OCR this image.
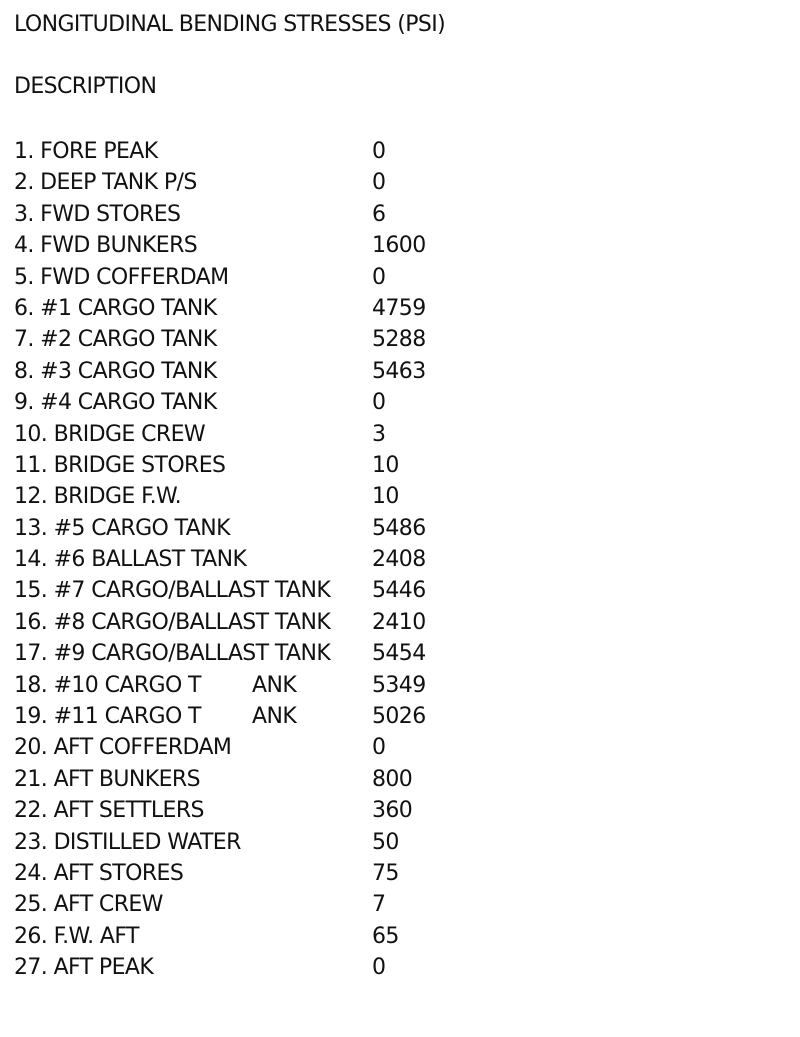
LONGITUDINAL BENDING STRESSES (PSI)
DESCRIPTION
1. FORE PEAK	0
2. DEEP TANK P/S	0
3. FWD STORES	6
4. FWD BUNKERS	1600
5. FWD COFFERDAM	0
6. #1 CARGO TANK	4759
7. #2 CARGO TANK	5288
8. #3 CARGO TANK	5463
9. #4 CARGO TANK	0
10. BRIDGE CREW	3
11. BRIDGE STORES	10
12. BRIDGE F.W.	10
13. #5 CARGO TANK	5486
14. #6 BALLAST TANK	2408
15. #7 CARGO/BALLAST TANK 5446
16. #8 CARGO/BALLAST TANK 2410
17. #9 CARGO/BALLAST TANK 5454
18. #10 CARGO T        ANK	5349
19. #11 CARGO T        ANK	5026
20. AFT COFFERDAM	0
21. AFT BUNKERS	800
22. AFT SETTLERS	360
23. DISTILLED WATER	50
24. AFT STORES	75
25. AFT CREW	7
26. F.W. AFT	65
27. AFT PEAK	0
